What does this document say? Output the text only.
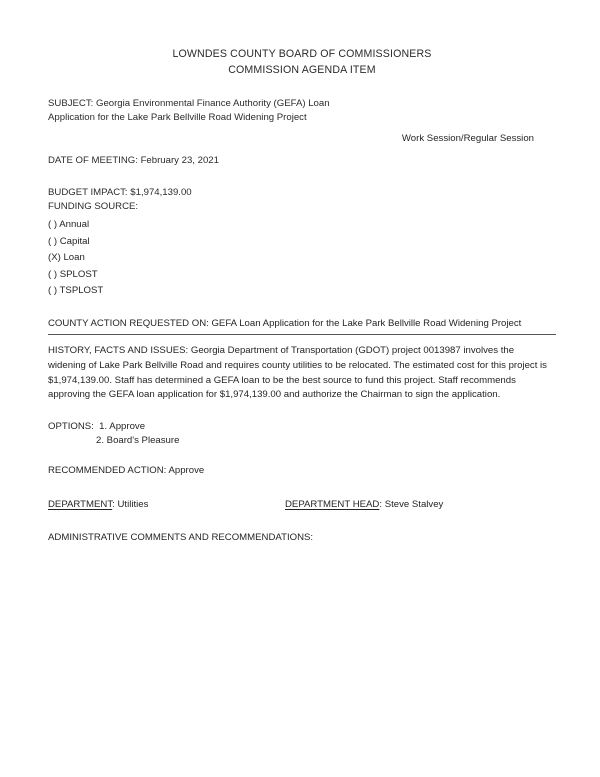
LOWNDES COUNTY BOARD OF COMMISSIONERS
COMMISSION AGENDA ITEM
SUBJECT: Georgia Environmental Finance Authority (GEFA) Loan
Application for the Lake Park Bellville Road Widening Project
Work Session/Regular Session
DATE OF MEETING: February 23, 2021
BUDGET IMPACT: $1,974,139.00
FUNDING SOURCE:
( ) Annual
( ) Capital
(X) Loan
( ) SPLOST
( ) TSPLOST
COUNTY ACTION REQUESTED ON: GEFA Loan Application for the Lake Park Bellville Road Widening Project
HISTORY, FACTS AND ISSUES: Georgia Department of Transportation (GDOT) project 0013987 involves the widening of Lake Park Bellville Road and requires county utilities to be relocated. The estimated cost for this project is $1,974,139.00. Staff has determined a GEFA loan to be the best source to fund this project. Staff recommends approving the GEFA loan application for $1,974,139.00 and authorize the Chairman to sign the application.
OPTIONS:  1. Approve
2. Board's Pleasure
RECOMMENDED ACTION: Approve
DEPARTMENT: Utilities	DEPARTMENT HEAD: Steve Stalvey
ADMINISTRATIVE COMMENTS AND RECOMMENDATIONS:
